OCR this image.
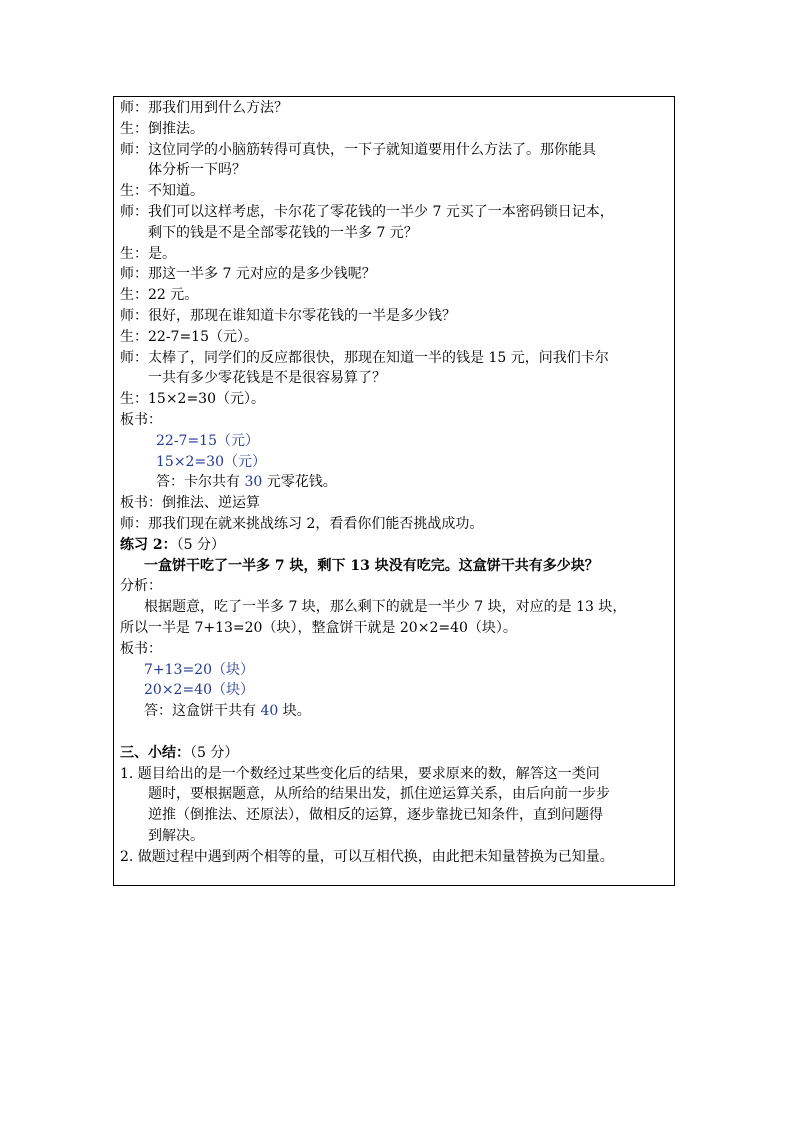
师：那我们用到什么方法？
生：倒推法。
师：这位同学的小脑筋转得可真快，一下子就知道要用什么方法了。那你能具
体分析一下吗？
生：不知道。
师：我们可以这样考虑，卡尔花了零花钱的一半少 7 元买了一本密码锁日记本，
剩下的钱是不是全部零花钱的一半多 7 元？
生：是。
师：那这一半多 7 元对应的是多少钱呢？
生：22 元。
师：很好，那现在谁知道卡尔零花钱的一半是多少钱？
生：22-7=15（元）。
师：太棒了，同学们的反应都很快，那现在知道一半的钱是 15 元，问我们卡尔
一共有多少零花钱是不是很容易算了？
生：15×2=30（元）。
板书：
22-7=15（元）
15×2=30（元）
答：卡尔共有 30 元零花钱。
板书：倒推法、逆运算
师：那我们现在就来挑战练习 2，看看你们能否挑战成功。
练习 2：（5 分）
一盒饼干吃了一半多 7 块，剩下 13 块没有吃完。这盒饼干共有多少块？
分析：
根据题意，吃了一半多 7 块，那么剩下的就是一半少 7 块，对应的是 13 块，
所以一半是 7+13=20（块），整盒饼干就是 20×2=40（块）。
板书：
7+13=20（块）
20×2=40（块）
答：这盒饼干共有 40 块。
三、小结：（5 分）
1. 题目给出的是一个数经过某些变化后的结果，要求原来的数，解答这一类问
题时，要根据题意，从所给的结果出发，抓住逆运算关系，由后向前一步步
逆推（倒推法、还原法），做相反的运算，逐步靠拢已知条件，直到问题得
到解决。
2. 做题过程中遇到两个相等的量，可以互相代换，由此把未知量替换为已知量。
